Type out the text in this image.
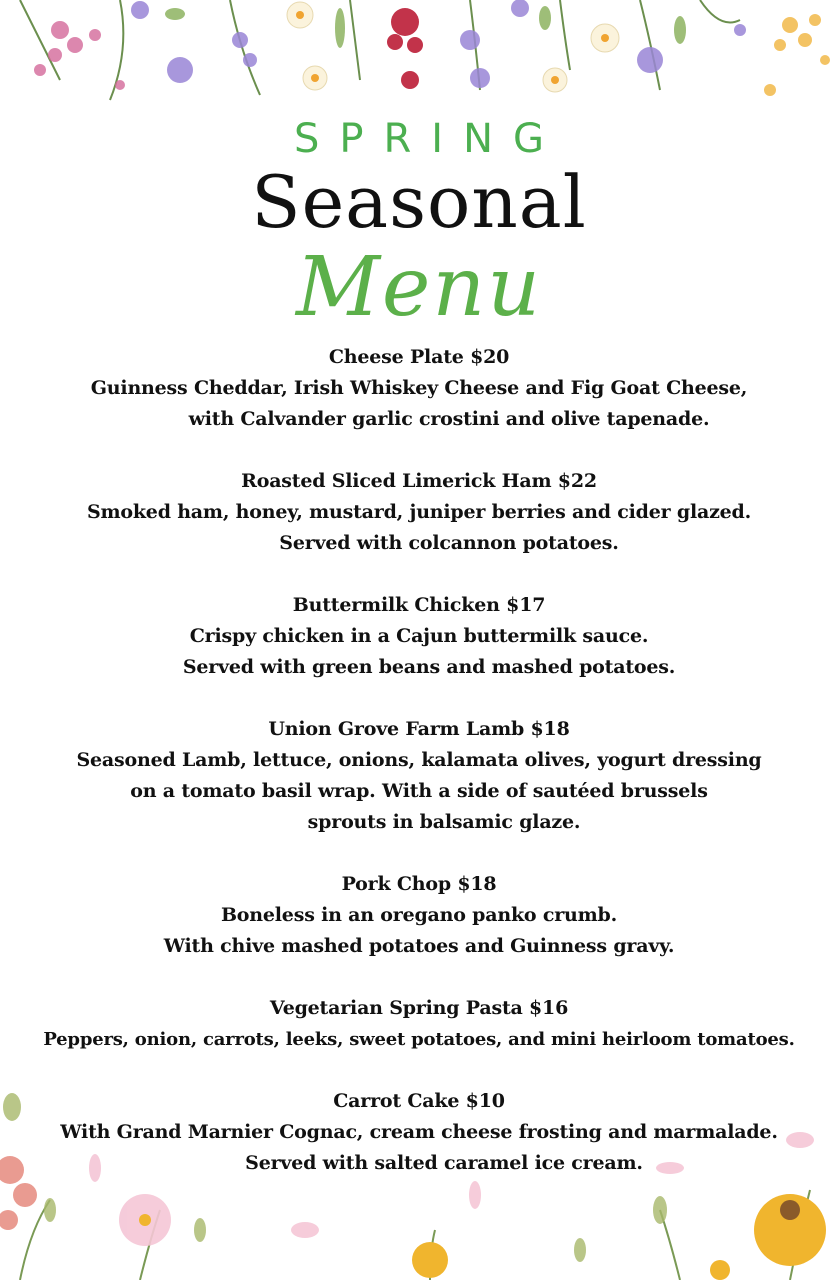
SPRING
Seasonal
Menu
Cheese Plate $20
Guinness Cheddar, Irish Whiskey Cheese and Fig Goat Cheese,
with Calvander garlic crostini and olive tapenade.
Roasted Sliced Limerick Ham $22
Smoked ham, honey, mustard, juniper berries and cider glazed.
Served with colcannon potatoes.
Buttermilk Chicken $17
Crispy chicken in a Cajun buttermilk sauce.
Served with green beans and mashed potatoes.
Union Grove Farm Lamb $18
Seasoned Lamb, lettuce, onions, kalamata olives, yogurt dressing
on a tomato basil wrap. With a side of sautéed brussels
sprouts in balsamic glaze.
Pork Chop $18
Boneless in an oregano panko crumb.
With chive mashed potatoes and Guinness gravy.
Vegetarian Spring Pasta $16
Peppers, onion, carrots, leeks, sweet potatoes, and mini heirloom tomatoes.
Carrot Cake $10
With Grand Marnier Cognac, cream cheese frosting and marmalade.
Served with salted caramel ice cream.
